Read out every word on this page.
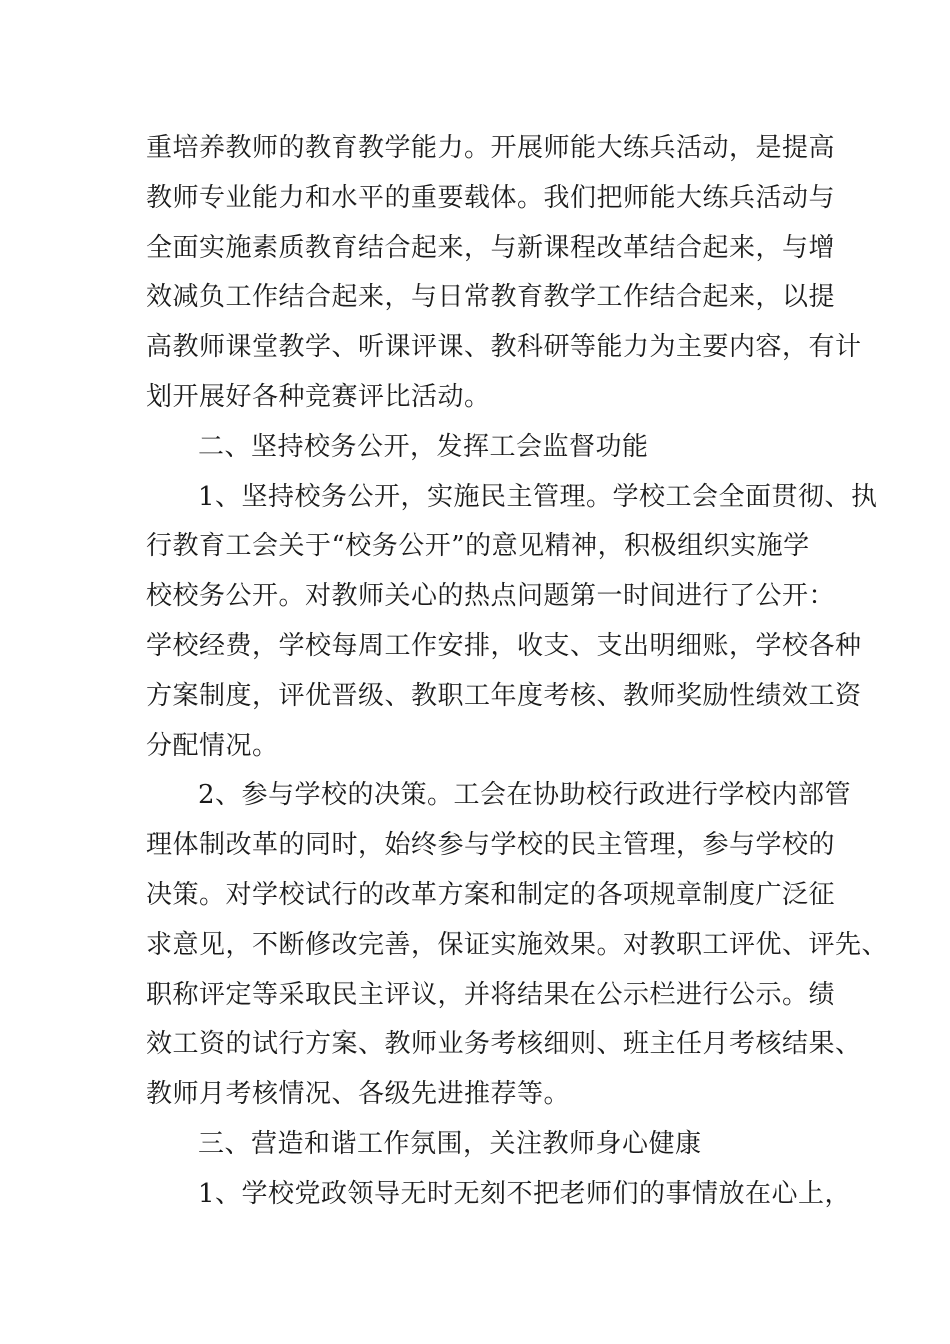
重培养教师的教育教学能力。开展师能大练兵活动，是提高
教师专业能力和水平的重要载体。我们把师能大练兵活动与
全面实施素质教育结合起来，与新课程改革结合起来，与增
效减负工作结合起来，与日常教育教学工作结合起来，以提
高教师课堂教学、听课评课、教科研等能力为主要内容，有计
划开展好各种竞赛评比活动。
二、坚持校务公开，发挥工会监督功能
1、坚持校务公开，实施民主管理。学校工会全面贯彻、执
行教育工会关于“校务公开”的意见精神，积极组织实施学
校校务公开。对教师关心的热点问题第一时间进行了公开：
学校经费，学校每周工作安排，收支、支出明细账，学校各种
方案制度，评优晋级、教职工年度考核、教师奖励性绩效工资
分配情况。
2、参与学校的决策。工会在协助校行政进行学校内部管
理体制改革的同时，始终参与学校的民主管理，参与学校的
决策。对学校试行的改革方案和制定的各项规章制度广泛征
求意见，不断修改完善，保证实施效果。对教职工评优、评先、
职称评定等采取民主评议，并将结果在公示栏进行公示。绩
效工资的试行方案、教师业务考核细则、班主任月考核结果、
教师月考核情况、各级先进推荐等。
三、营造和谐工作氛围，关注教师身心健康
1、学校党政领导无时无刻不把老师们的事情放在心上，
